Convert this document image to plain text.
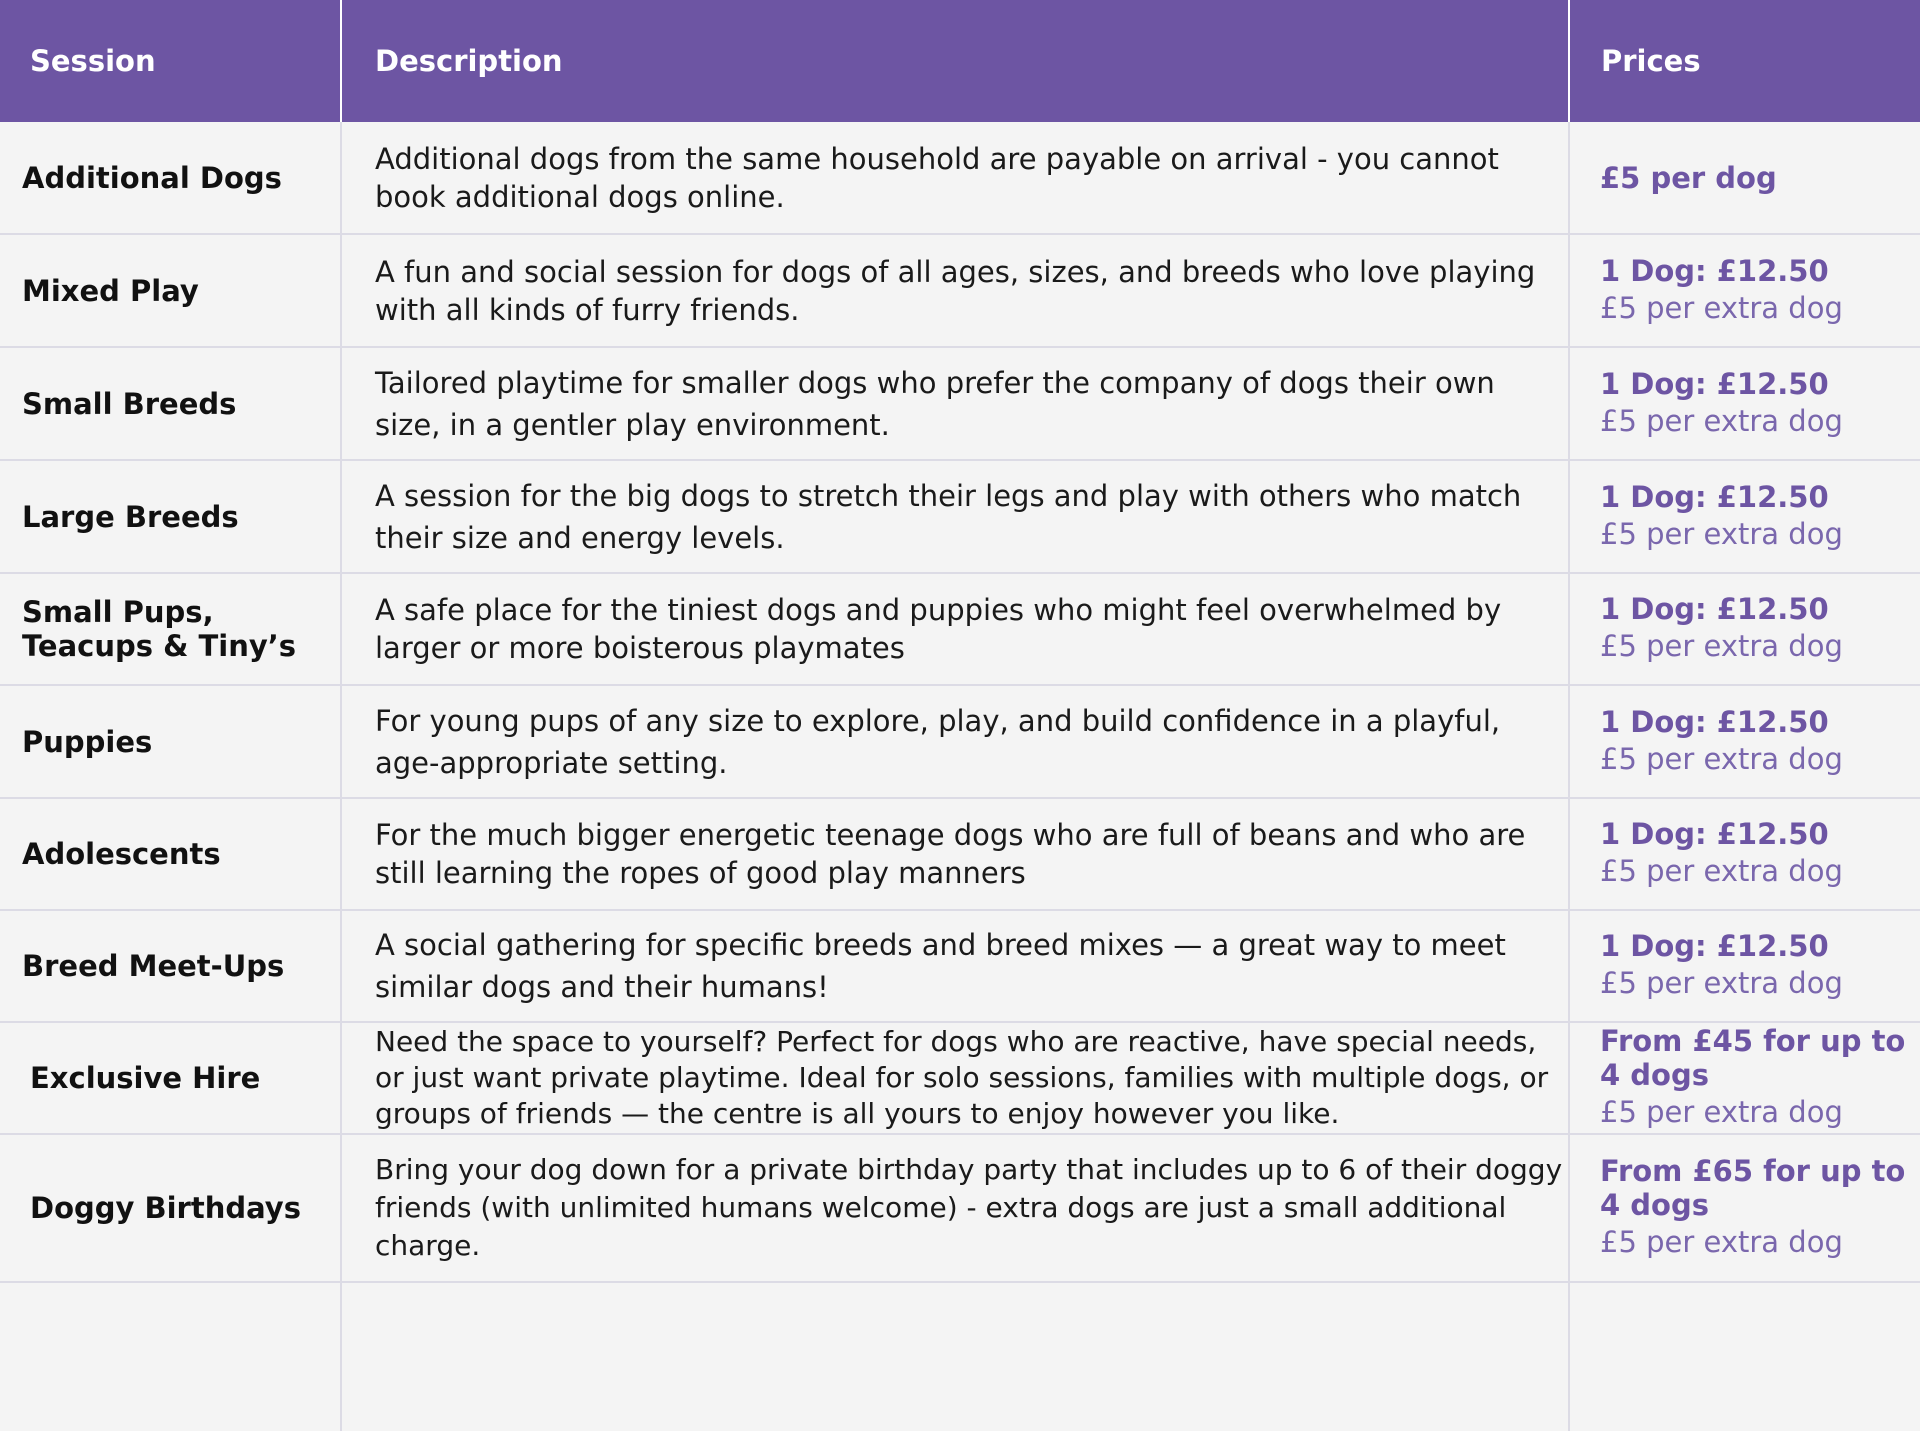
Session	Description	Prices
Additional Dogs
Additional dogs from the same household are payable on arrival - you cannot book additional dogs online.
£5 per dog
Mixed Play
A fun and social session for dogs of all ages, sizes, and breeds who love playing with all kinds of furry friends.
1 Dog: £12.50
£5 per extra dog
Small Breeds
Tailored playtime for smaller dogs who prefer the company of dogs their own size, in a gentler play environment.
1 Dog: £12.50
£5 per extra dog
Large Breeds
A session for the big dogs to stretch their legs and play with others who match their size and energy levels.
1 Dog: £12.50
£5 per extra dog
Small Pups, Teacups & Tiny’s
A safe place for the tiniest dogs and puppies who might feel overwhelmed by larger or more boisterous playmates
1 Dog: £12.50
£5 per extra dog
Puppies
For young pups of any size to explore, play, and build confidence in a playful, age-appropriate setting.
1 Dog: £12.50
£5 per extra dog
Adolescents
For the much bigger energetic teenage dogs who are full of beans and who are still learning the ropes of good play manners
1 Dog: £12.50
£5 per extra dog
Breed Meet-Ups
A social gathering for specific breeds and breed mixes — a great way to meet similar dogs and their humans!
1 Dog: £12.50
£5 per extra dog
Exclusive Hire
Need the space to yourself? Perfect for dogs who are reactive, have special needs, or just want private playtime. Ideal for solo sessions, families with multiple dogs, or groups of friends — the centre is all yours to enjoy however you like.
From £45 for up to 4 dogs
£5 per extra dog
Doggy Birthdays
Bring your dog down for a private birthday party that includes up to 6 of their doggy friends (with unlimited humans welcome) - extra dogs are just a small additional charge.
From £65 for up to 4 dogs
£5 per extra dog
